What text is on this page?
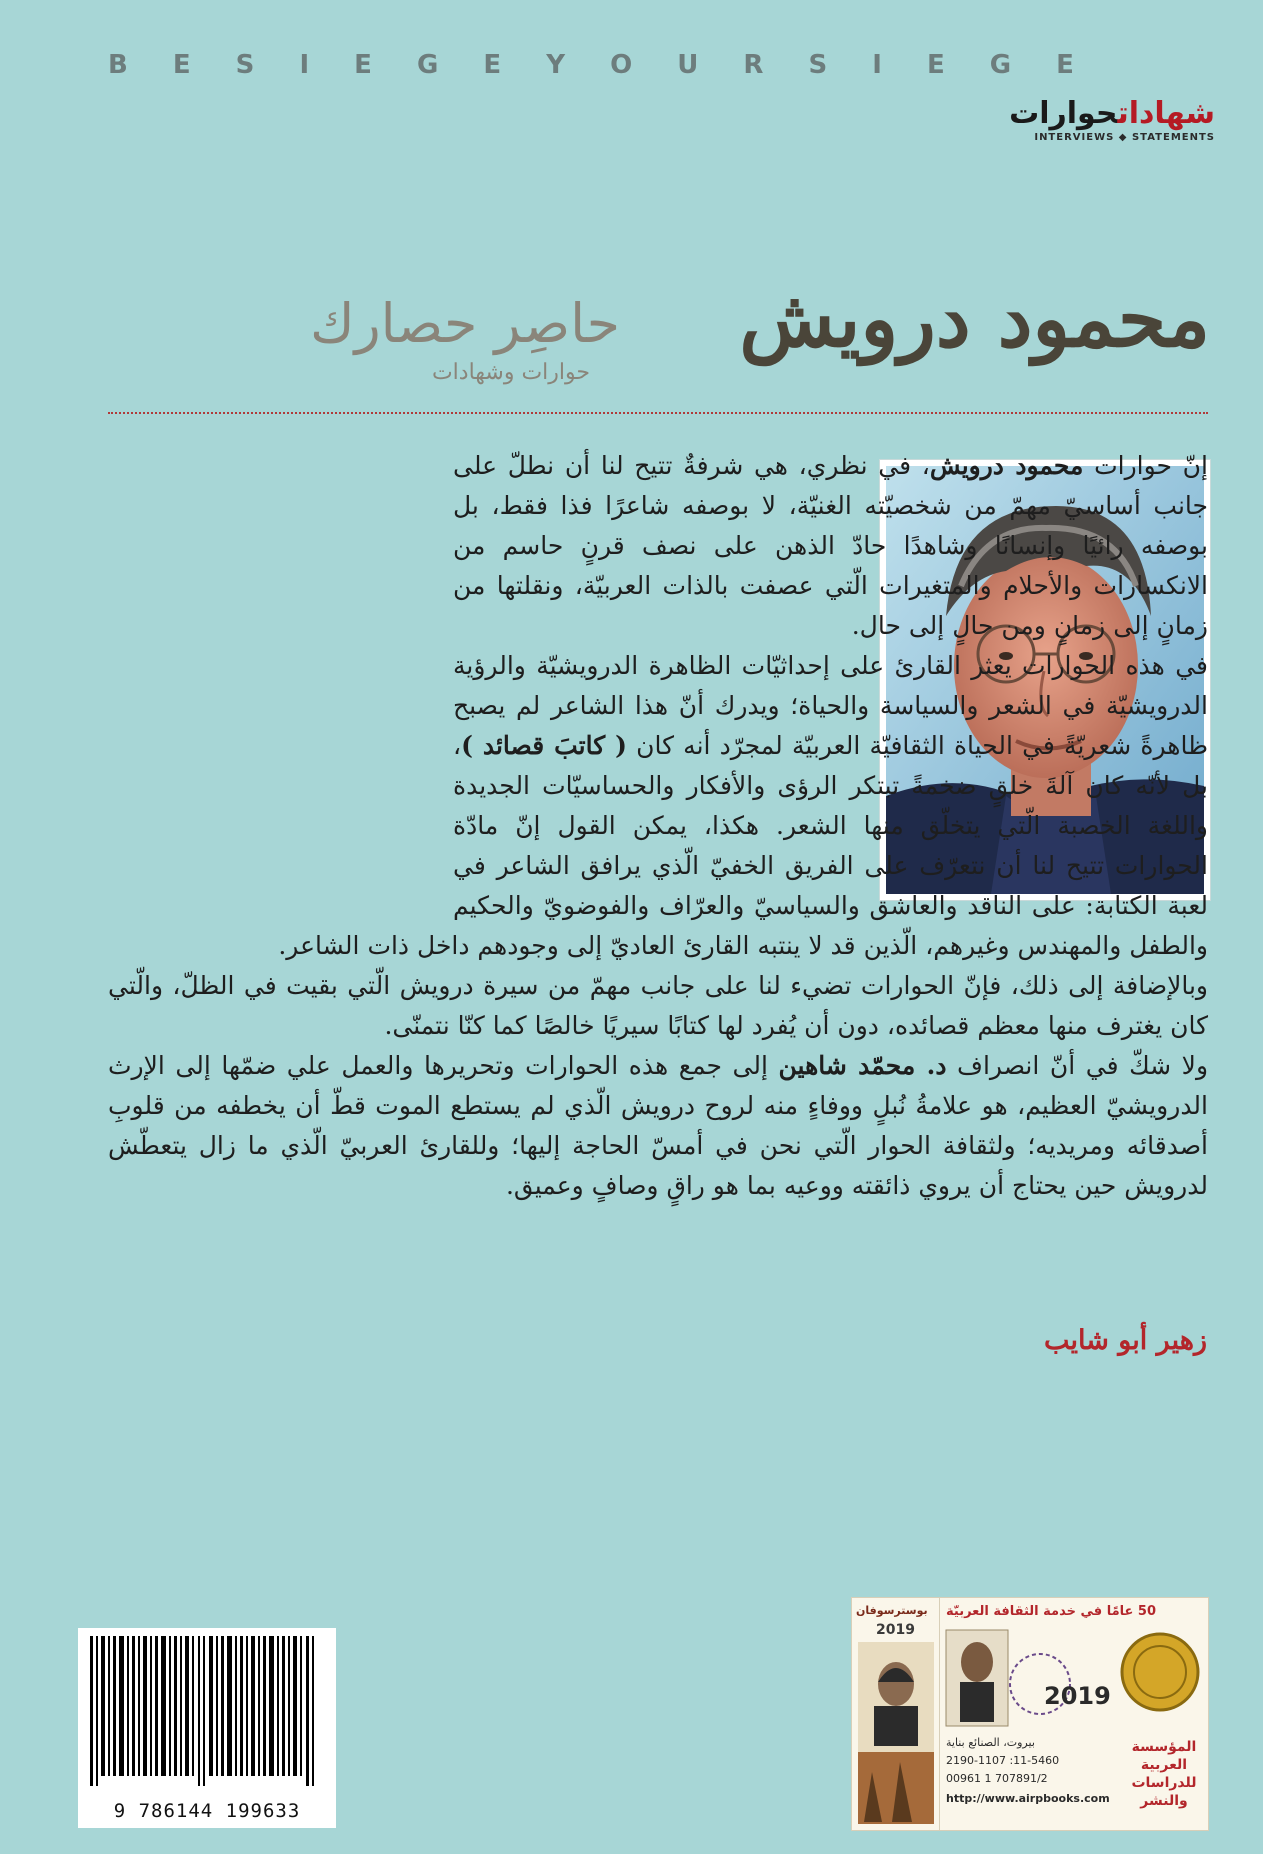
B E S I E G E Y O U R S I E G E
شهاداتحوارات
INTERVIEWS ◆ STATEMENTS
محمود درويش
حاصِر حصارك
حوارات وشهادات

إنّ حوارات محمود درويش، في نظري، هي شرفةٌ تتيح لنا أن نطلّ على جانب أساسيّ مهمّ من شخصيّته الغنيّة، لا بوصفه شاعرًا فذا فقط، بل بوصفه رائيًا وإنسانًا وشاهدًا حادّ الذهن على نصف قرنٍ حاسم من الانكسارات والأحلام والمتغيرات الّتي عصفت بالذات العربيّة، ونقلتها من زمانٍ إلى زمانٍ ومن حالٍ إلى حال.

في هذه الحوارات يعثر القارئ على إحداثيّات الظاهرة الدرويشيّة والرؤية الدرويشيّة في الشعر والسياسة والحياة؛ ويدرك أنّ هذا الشاعر لم يصبح ظاهرةً شعريّةً في الحياة الثقافيّة العربيّة لمجرّد أنه كان ( كاتبَ قصائد )، بل لأنّه كان آلةَ خلقٍ ضخمةً تبتكر الرؤى والأفكار والحساسيّات الجديدة واللغة الخصبة الّتي يتخلّق منها الشعر. هكذا، يمكن القول إنّ مادّة الحوارات تتيح لنا أن نتعرّف على الفريق الخفيّ الّذي يرافق الشاعر في لعبة الكتابة: على الناقد والعاشق والسياسيّ والعرّاف والفوضويّ والحكيم والطفل والمهندس وغيرهم، الّذين قد لا ينتبه القارئ العاديّ إلى وجودهم داخل ذات الشاعر.

وبالإضافة إلى ذلك، فإنّ الحوارات تضيء لنا على جانب مهمّ من سيرة درويش الّتي بقيت في الظلّ، والّتي كان يغترف منها معظم قصائده، دون أن يُفرد لها كتابًا سيريًا خالصًا كما كنّا نتمنّى.

ولا شكّ في أنّ انصراف د. محمّد شاهين إلى جمع هذه الحوارات وتحريرها والعمل علي ضمّها إلى الإرث الدرويشيّ العظيم، هو علامةُ نُبلٍ ووفاءٍ منه لروح درويش الّذي لم يستطع الموت قطّ أن يخطفه من قلوبِ أصدقائه ومريديه؛ ولثقافة الحوار الّتي نحن في أمسّ الحاجة إليها؛ وللقارئ العربيّ الّذي ما زال يتعطّش لدرويش حين يحتاج أن يروي ذائقته ووعيه بما هو راقٍ وصافٍ وعميق.

زهير أبو شايب
9 786144 199633
بوسترسوفان
2019
50 عامًا في خدمة الثقافة العربيّة
2019
بيروت، الصنائع بناية
2190-1107 :11-5460
00961 1 707891/2
http://www.airpbooks.com
المؤسسة العربية للدراسات والنشر
